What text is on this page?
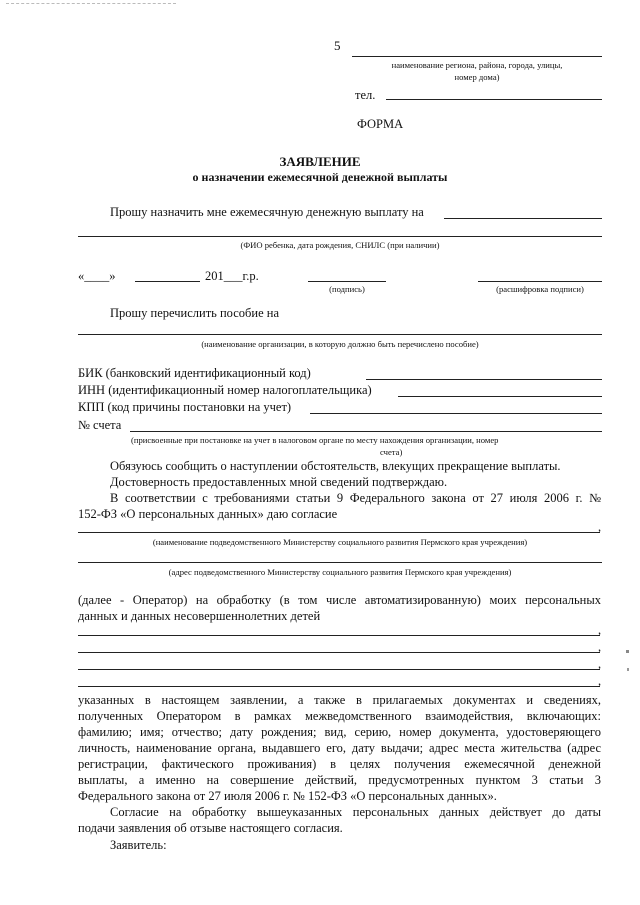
5
наименование региона, района, города, улицы,
номер дома)
тел.
ФОРМА
ЗАЯВЛЕНИЕ
о назначении ежемесячной денежной выплаты
Прошу назначить мне ежемесячную денежную выплату на
(ФИО ребенка, дата рождения, СНИЛС (при наличии)
«____»	201___г.р.
(подпись)	(расшифровка подписи)
Прошу перечислить пособие на
(наименование организации, в которую должно быть перечислено пособие)
БИК (банковский идентификационный код)
ИНН (идентификационный номер налогоплательщика)
КПП (код причины постановки на учет)
№ счета
(присвоенные при постановке на учет в налоговом органе по месту нахождения организации, номер
счета)
Обязуюсь сообщить о наступлении обстоятельств, влекущих прекращение выплаты.
Достоверность предоставленных мной сведений подтверждаю.
В соответствии с требованиями статьи 9 Федерального закона от 27 июля 2006 г. №
152-ФЗ «О персональных данных» даю согласие
,
(наименование подведомственного Министерству социального развития Пермского края учреждения)
(адрес подведомственного Министерству социального развития Пермского края учреждения)
(далее - Оператор) на обработку (в том числе автоматизированную) моих персональных
данных и данных несовершеннолетних детей
,
,
,
,
указанных в настоящем заявлении, а также в прилагаемых документах и сведениях,
полученных Оператором в рамках межведомственного взаимодействия, включающих:
фамилию; имя; отчество; дату рождения; вид, серию, номер документа, удостоверяющего
личность, наименование органа, выдавшего его, дату выдачи; адрес места жительства (адрес
регистрации, фактического проживания) в целях получения ежемесячной денежной
выплаты, а именно на совершение действий, предусмотренных пунктом 3 статьи 3
Федерального закона от 27 июля 2006 г. № 152-ФЗ «О персональных данных».
Согласие на обработку вышеуказанных персональных данных действует до даты
подачи заявления об отзыве настоящего согласия.
Заявитель:
